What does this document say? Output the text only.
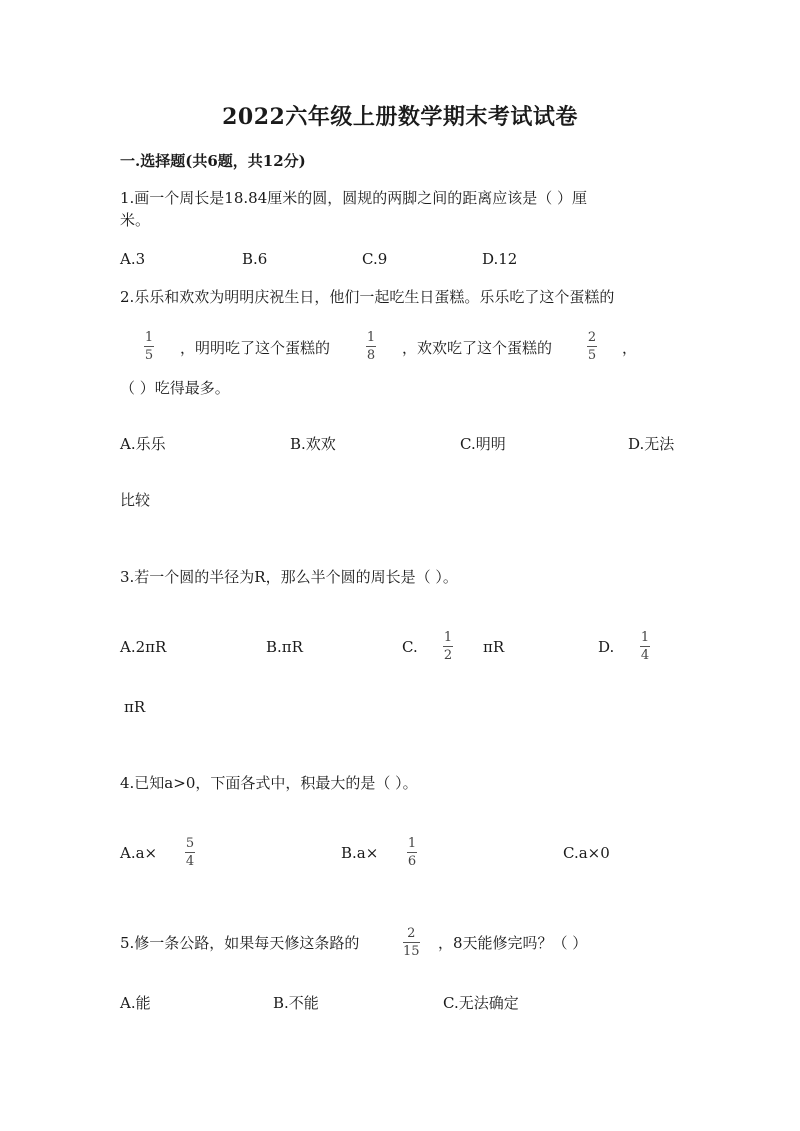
2022六年级上册数学期末考试试卷
一.选择题(共6题，共12分)
1.画一个周长是18.84厘米的圆，圆规的两脚之间的距离应该是（ ）厘
米。
A.3	B.6	C.9	D.12
2.乐乐和欢欢为明明庆祝生日，他们一起吃生日蛋糕。乐乐吃了这个蛋糕的
1
5 ，明明吃了这个蛋糕的
1
8 ，欢欢吃了这个蛋糕的
2
5 ，
（ ）吃得最多。
A.乐乐	B.欢欢	C.明明	D.无法
比较
3.若一个圆的半径为R，那么半个圆的周长是（ ）。
A.2πR	B.πR	C.
1
2 πR	D.
1
4
πR
4.已知a>0，下面各式中，积最大的是（ ）。
A.a×
5
4	B.a×
1
6	C.a×0
5.修一条公路，如果每天修这条路的
2
15 ，8天能修完吗？（ ）
A.能	B.不能	C.无法确定
